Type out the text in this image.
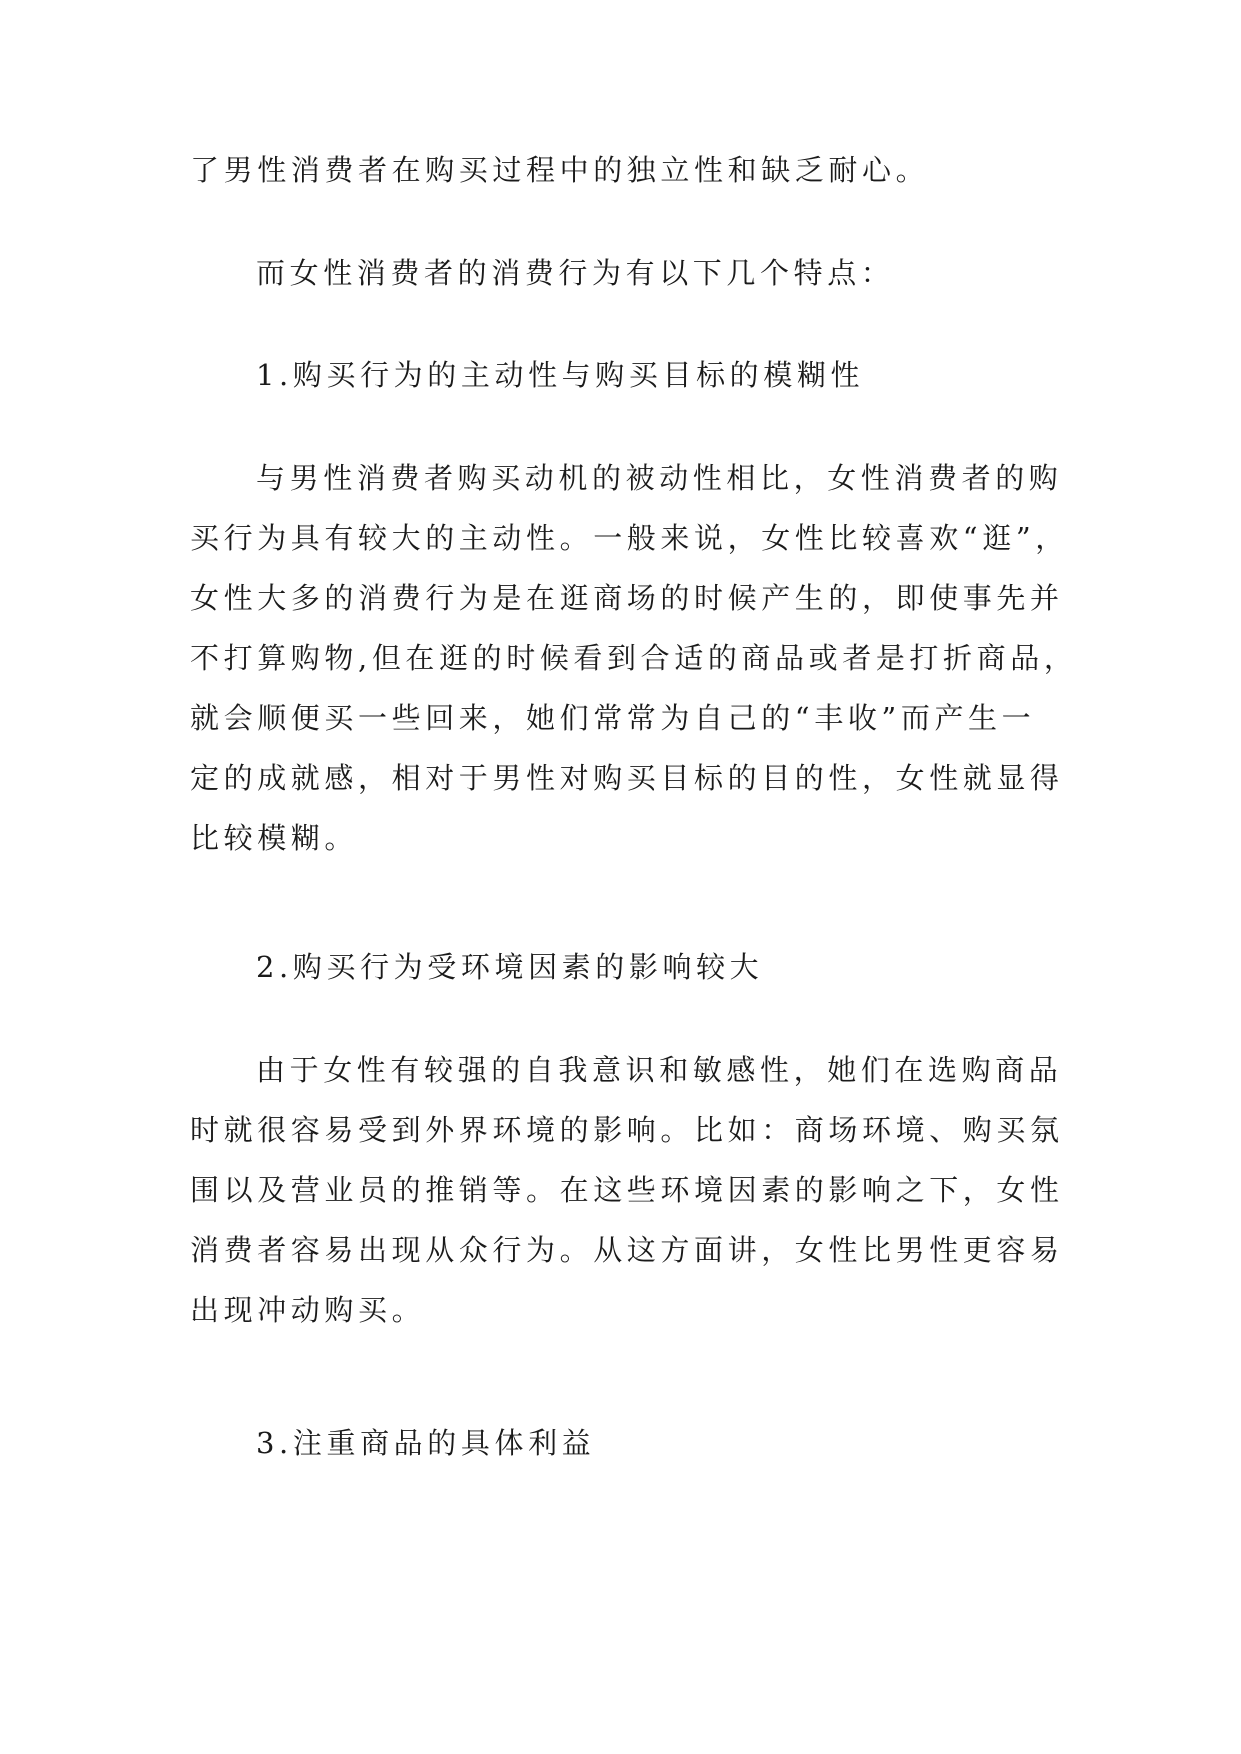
了男性消费者在购买过程中的独立性和缺乏耐心。
而女性消费者的消费行为有以下几个特点：
1.购买行为的主动性与购买目标的模糊性
与男性消费者购买动机的被动性相比，女性消费者的购
买行为具有较大的主动性。一般来说，女性比较喜欢“逛”，
女性大多的消费行为是在逛商场的时候产生的，即使事先并
不打算购物,但在逛的时候看到合适的商品或者是打折商品，
就会顺便买一些回来，她们常常为自己的“丰收”而产生一
定的成就感，相对于男性对购买目标的目的性，女性就显得
比较模糊。
2.购买行为受环境因素的影响较大
由于女性有较强的自我意识和敏感性，她们在选购商品
时就很容易受到外界环境的影响。比如：商场环境、购买氛
围以及营业员的推销等。在这些环境因素的影响之下，女性
消费者容易出现从众行为。从这方面讲，女性比男性更容易
出现冲动购买。
3.注重商品的具体利益
